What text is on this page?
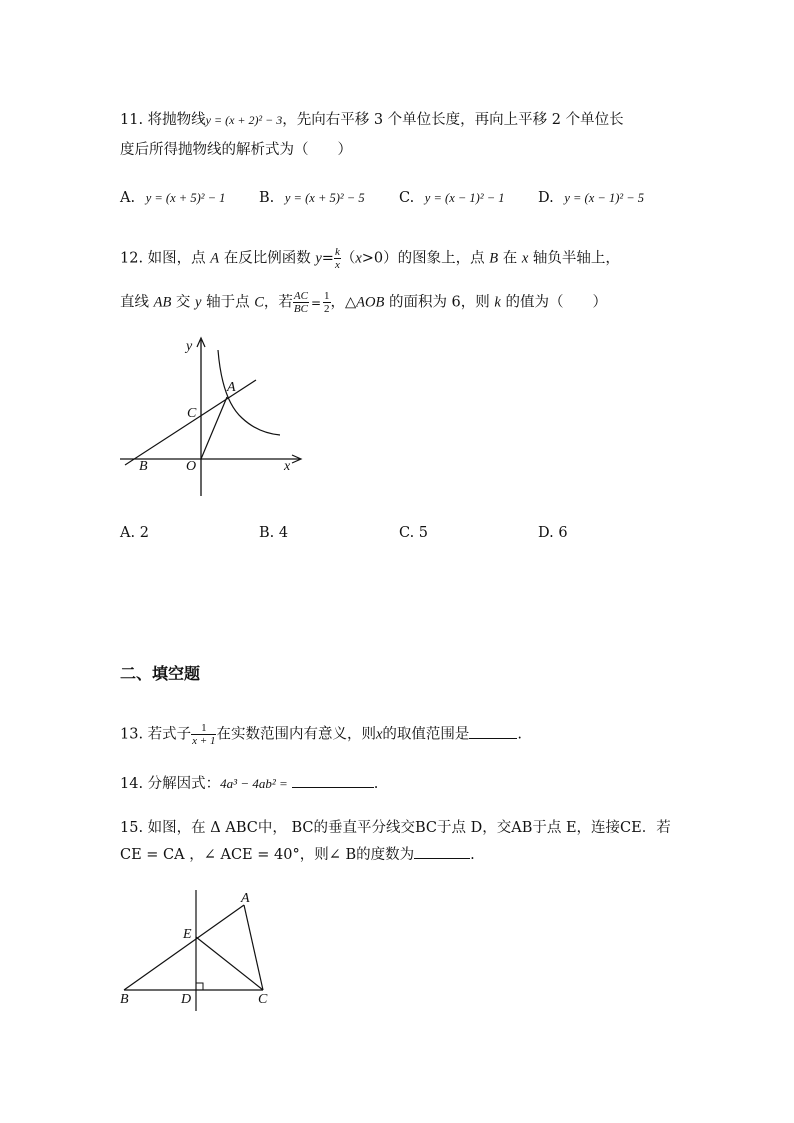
11. 将抛物线y = (x + 2)² − 3，先向右平移 3 个单位长度，再向上平移 2 个单位长
度后所得抛物线的解析式为（　　）
A. y = (x + 5)² − 1 B. y = (x + 5)² − 5 C. y = (x − 1)² − 1 D. y = (x − 1)² − 5
12. 如图，点 A 在反比例函数 $y= \frac{k}{x} (x>0)$的图象上，点 B 在 x 轴负半轴上，
直线 AB 交 y 轴于点 C，若 $\frac{AC}{BC} = \frac{1}{2}$ ，△AOB 的面积为 6，则 k 的值为（　　）
y
A
C
B	O	x
A. 2	B. 4	C. 5	D. 6
二、填空题
13. 若式子 $\frac{1}{x + 1}$ 在实数范围内有意义，则x的取值范围是	.
14. 分解因式：4a³ − 4ab² =	.
15. 如图，在 Δ ABC中， BC的垂直平分线交BC于点 D，交AB于点 E，连接CE．若
CE = CA ，∠ ACE = 40°，则∠ B的度数为	.
A
E
B	D	C
